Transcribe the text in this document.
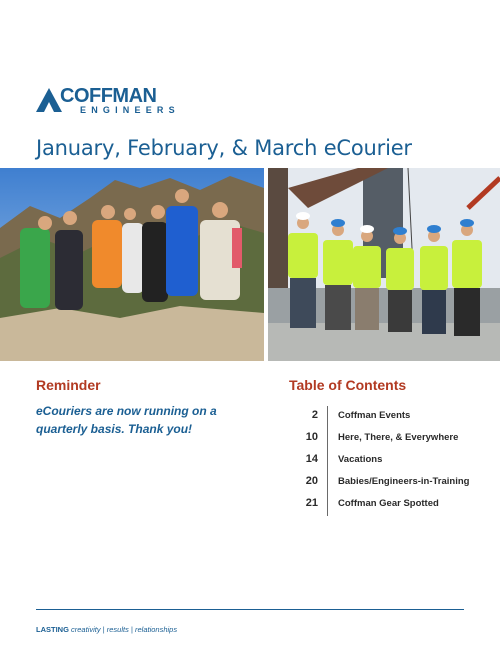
COFFMAN
ENGINEERS
January, February, & March eCourier
Reminder
eCouriers are now running on a quarterly basis. Thank you!
Table of Contents
2 Coffman Events
10 Here, There, & Everywhere
14 Vacations
20 Babies/Engineers-in-Training
21 Coffman Gear Spotted
LASTING creativity | results | relationships
